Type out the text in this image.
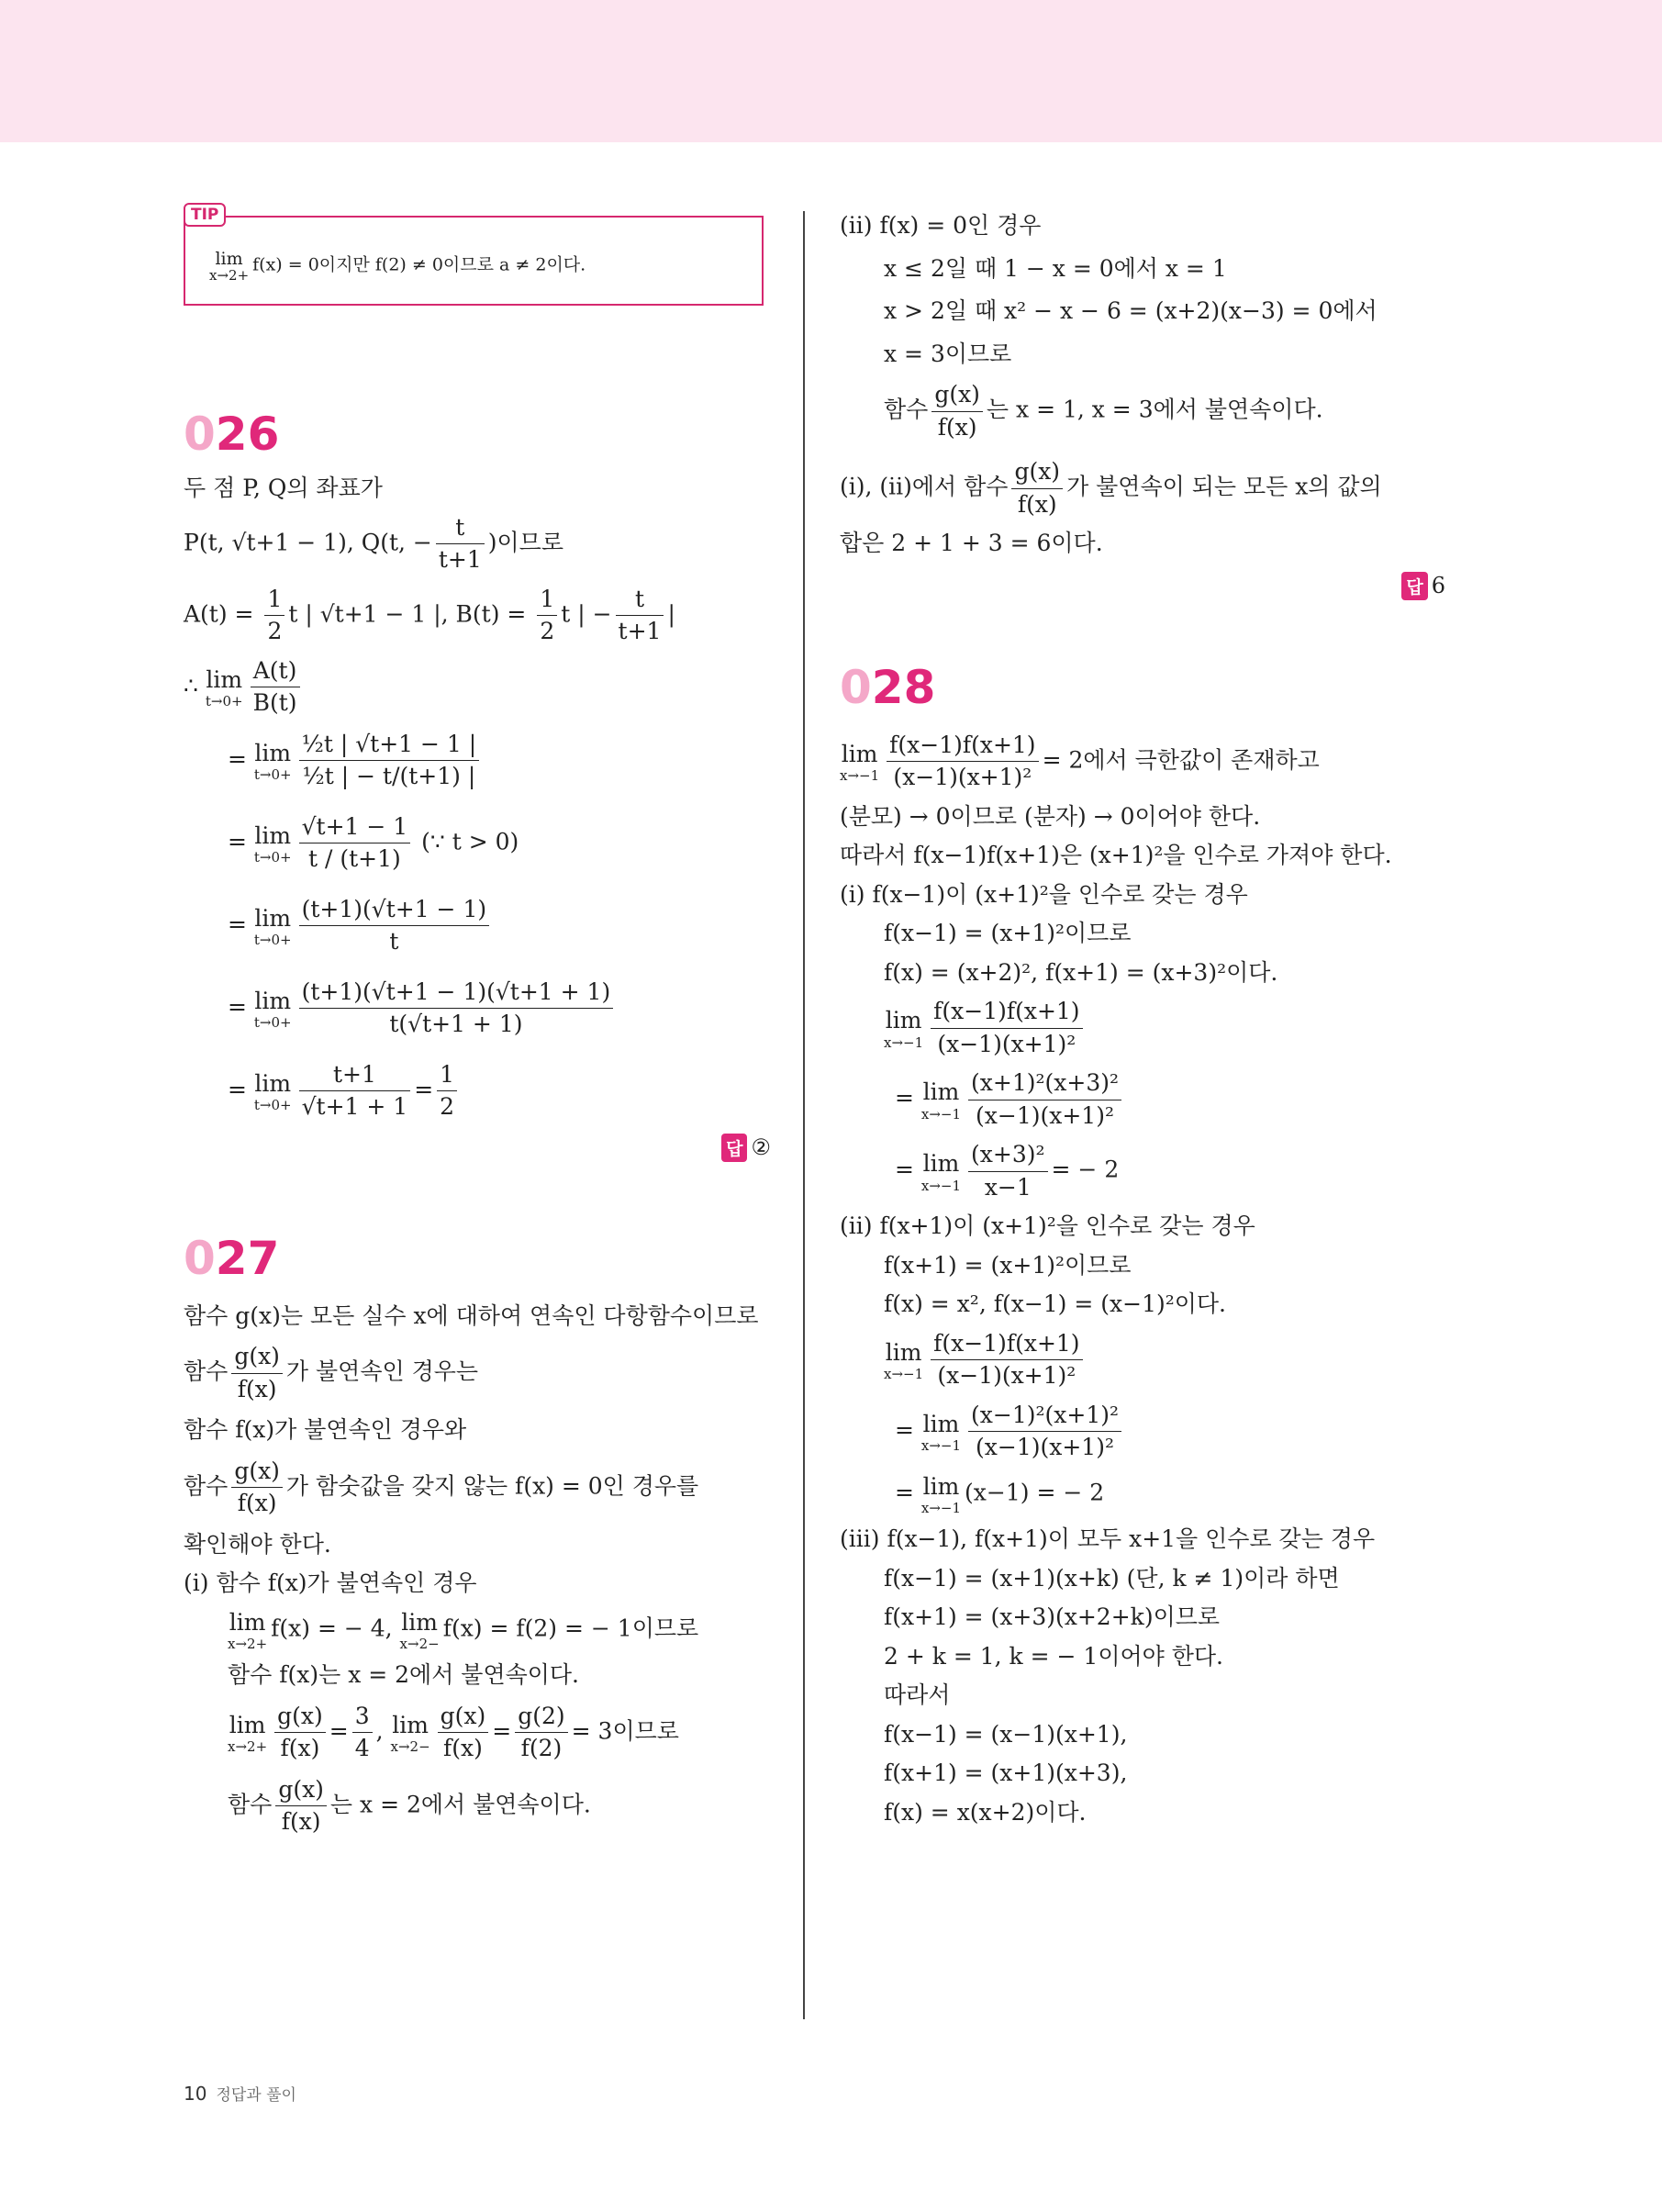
TIP
lim
x→2+
f(x) = 0이지만 f(2) ≠ 0이므로 a ≠ 2이다.
026
두 점 P, Q의 좌표가
P(t, √t+1 − 1), Q(t, − $\frac{t}{t+1}$ )이므로
$A(t) = \frac{1}{2}$ t | √t+1 − 1 |, $B(t) = \frac{1}{2}$ t | − $\frac{t}{t+1}$ |
∴ lim
$t\to 0+ \frac{A(t)}{B(t)}$
= lim
$t\to 0+ \frac{\text{½t | √t+1 − 1 |}}{\text{½t | − t/(t+1) |}}$
= lim
$t\to 0+ \frac{√t+1 - 1}{t / (t+1)}$ (∵ t > 0)
= lim
$t\to 0+ \frac{(t+1)(√t+1 - 1)}{t}$
= lim
$t\to 0+ \frac{(t+1)(√t+1 - 1)(√t+1 + 1)}{t(√t+1 + 1)}$
= lim
$t\to 0+ \frac{t+1}{√t+1 + 1} = \frac{1}{2}$
답 ②
027
함수 g(x)는 모든 실수 x에 대하여 연속인 다항함수이므로
함수 $\frac{g(x)}{f(x)}$ 가 불연속인 경우는
함수 f(x)가 불연속인 경우와
함수 $\frac{g(x)}{f(x)}$ 가 함숫값을 갖지 않는 f(x) = 0인 경우를
확인해야 한다.
(ⅰ) 함수 f(x)가 불연속인 경우
lim
x→2+
f(x) = − 4, lim
x→2−
f(x) = f(2) = − 1이므로
함수 f(x)는 x = 2에서 불연속이다.
lim
$x\to 2+ \frac{g(x)}{f(x)} = \frac{3}{4}$ , lim
$x\to 2- \frac{g(x)}{f(x)} = \frac{g(2)}{f(2)} = 3$이므로
함수 $\frac{g(x)}{f(x)}$ 는 x = 2에서 불연속이다.
(ⅱ) f(x) = 0인 경우
x ≤ 2일 때 1 − x = 0에서 x = 1
x > 2일 때 x² − x − 6 = (x+2)(x−3) = 0에서
x = 3이므로
함수 $\frac{g(x)}{f(x)}$ 는 x = 1, x = 3에서 불연속이다.
(ⅰ), (ⅱ)에서 함수 $\frac{g(x)}{f(x)}$ 가 불연속이 되는 모든 x의 값의
합은 2 + 1 + 3 = 6이다.
답 6
028
lim
$x\to-1 \frac{f(x-1)f(x+1)}{\text{(x−1)(x+1)²}} = 2$에서 극한값이 존재하고
(분모) → 0이므로 (분자) → 0이어야 한다.
따라서 f(x−1)f(x+1)은 (x+1)²을 인수로 가져야 한다.
(ⅰ) f(x−1)이 (x+1)²을 인수로 갖는 경우
f(x−1) = (x+1)²이므로
f(x) = (x+2)², f(x+1) = (x+3)²이다.
lim
$x\to-1 \frac{f(x-1)f(x+1)}{\text{(x−1)(x+1)²}}$
= lim
$x\to-1 \frac{\text{(x+1)²(x+3)²}}{\text{(x−1)(x+1)²}}$
= lim
$x\to-1 \frac{\text{(x+3)²}}{x-1}$ = − 2
(ⅱ) f(x+1)이 (x+1)²을 인수로 갖는 경우
f(x+1) = (x+1)²이므로
f(x) = x², f(x−1) = (x−1)²이다.
lim
$x\to-1 \frac{f(x-1)f(x+1)}{\text{(x−1)(x+1)²}}$
= lim
$x\to-1 \frac{\text{(x−1)²(x+1)²}}{\text{(x−1)(x+1)²}}$
= lim
x→−1
(x−1) = − 2
(ⅲ) f(x−1), f(x+1)이 모두 x+1을 인수로 갖는 경우
f(x−1) = (x+1)(x+k) (단, k ≠ 1)이라 하면
f(x+1) = (x+3)(x+2+k)이므로
2 + k = 1, k = − 1이어야 한다.
따라서
f(x−1) = (x−1)(x+1),
f(x+1) = (x+1)(x+3),
f(x) = x(x+2)이다.
10 정답과 풀이
